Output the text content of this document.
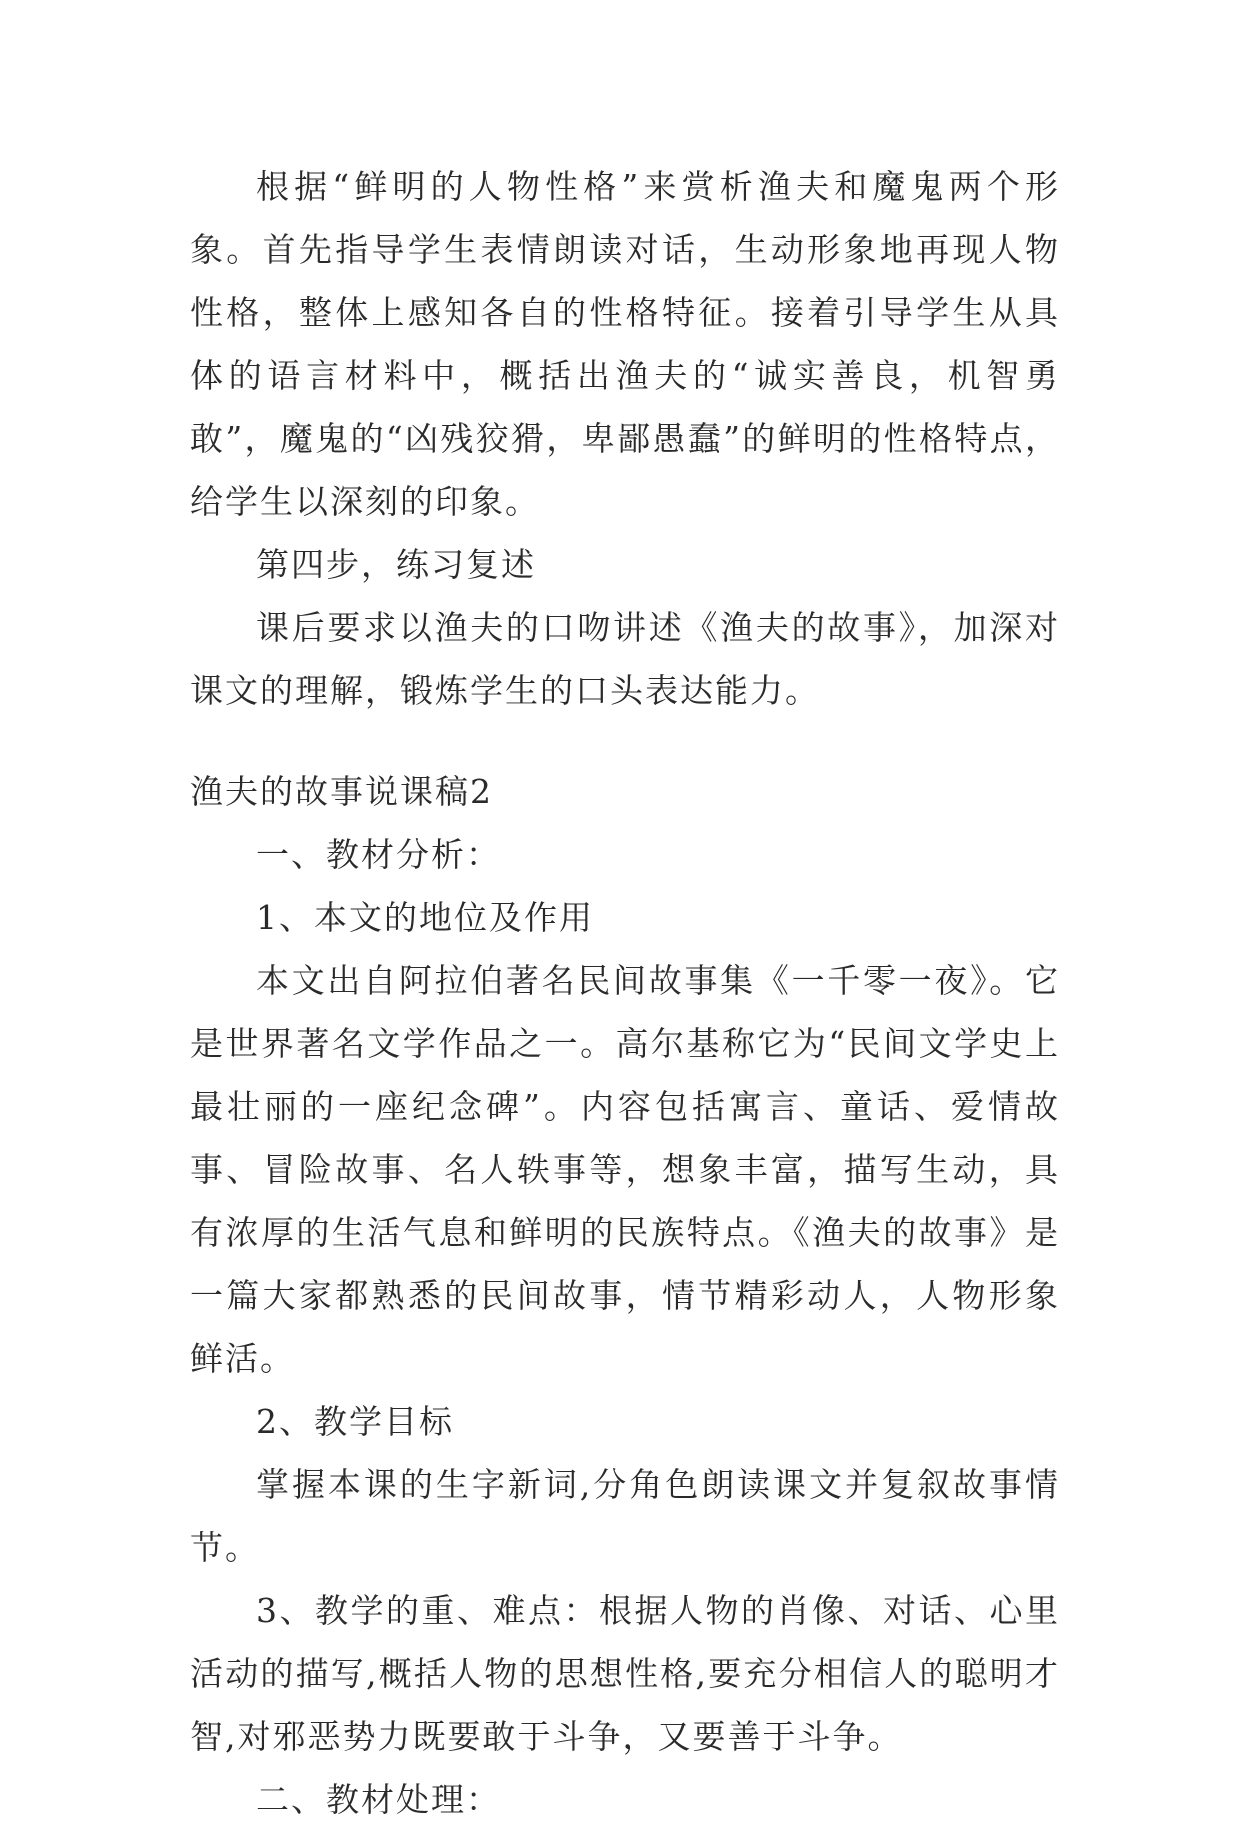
根据“鲜明的人物性格”来赏析渔夫和魔鬼两个形象。首先指导学生表情朗读对话，生动形象地再现人物性格，整体上感知各自的性格特征。接着引导学生从具体的语言材料中，概括出渔夫的“诚实善良，机智勇敢”，魔鬼的“凶残狡猾，卑鄙愚蠢”的鲜明的性格特点，给学生以深刻的印象。

第四步，练习复述

课后要求以渔夫的口吻讲述《渔夫的故事》，加深对课文的理解，锻炼学生的口头表达能力。

渔夫的故事说课稿2

一、教材分析：

1、本文的地位及作用

本文出自阿拉伯著名民间故事集《一千零一夜》。它是世界著名文学作品之一。高尔基称它为“民间文学史上最壮丽的一座纪念碑”。内容包括寓言、童话、爱情故事、冒险故事、名人轶事等，想象丰富，描写生动，具有浓厚的生活气息和鲜明的民族特点。《渔夫的故事》是一篇大家都熟悉的民间故事，情节精彩动人，人物形象鲜活。

2、教学目标

掌握本课的生字新词,分角色朗读课文并复叙故事情节。

3、教学的重、难点：根据人物的肖像、对话、心里活动的描写,概括人物的思想性格,要充分相信人的聪明才智,对邪恶势力既要敢于斗争，又要善于斗争。

二、教材处理：
